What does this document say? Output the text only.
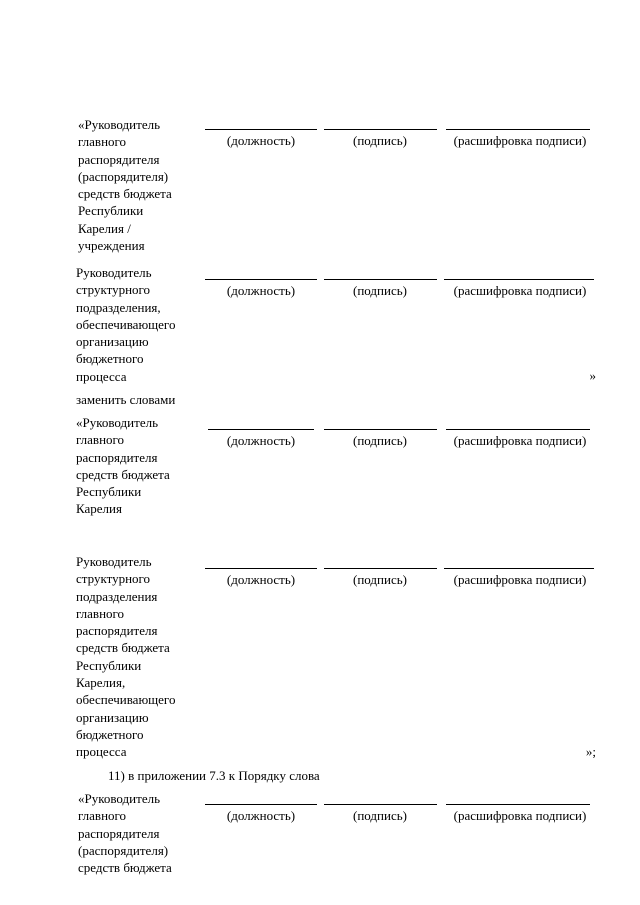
«Руководитель
главного
распорядителя
(распорядителя)
средств бюджета
Республики
Карелия /
учреждения
(должность)	(подпись)	(расшифровка подписи)
Руководитель
структурного
подразделения,
обеспечивающего
организацию
бюджетного
процесса
(должность)	(подпись)	(расшифровка подписи)
»
заменить словами
«Руководитель
главного
распорядителя
средств бюджета
Республики
Карелия
(должность)	(подпись)	(расшифровка подписи)
Руководитель
структурного
подразделения
главного
распорядителя
средств бюджета
Республики
Карелия,
обеспечивающего
организацию
бюджетного
процесса
(должность)	(подпись)	(расшифровка подписи)
»;
11) в приложении 7.3 к Порядку слова
«Руководитель
главного
распорядителя
(распорядителя)
средств бюджета
(должность)	(подпись)	(расшифровка подписи)
